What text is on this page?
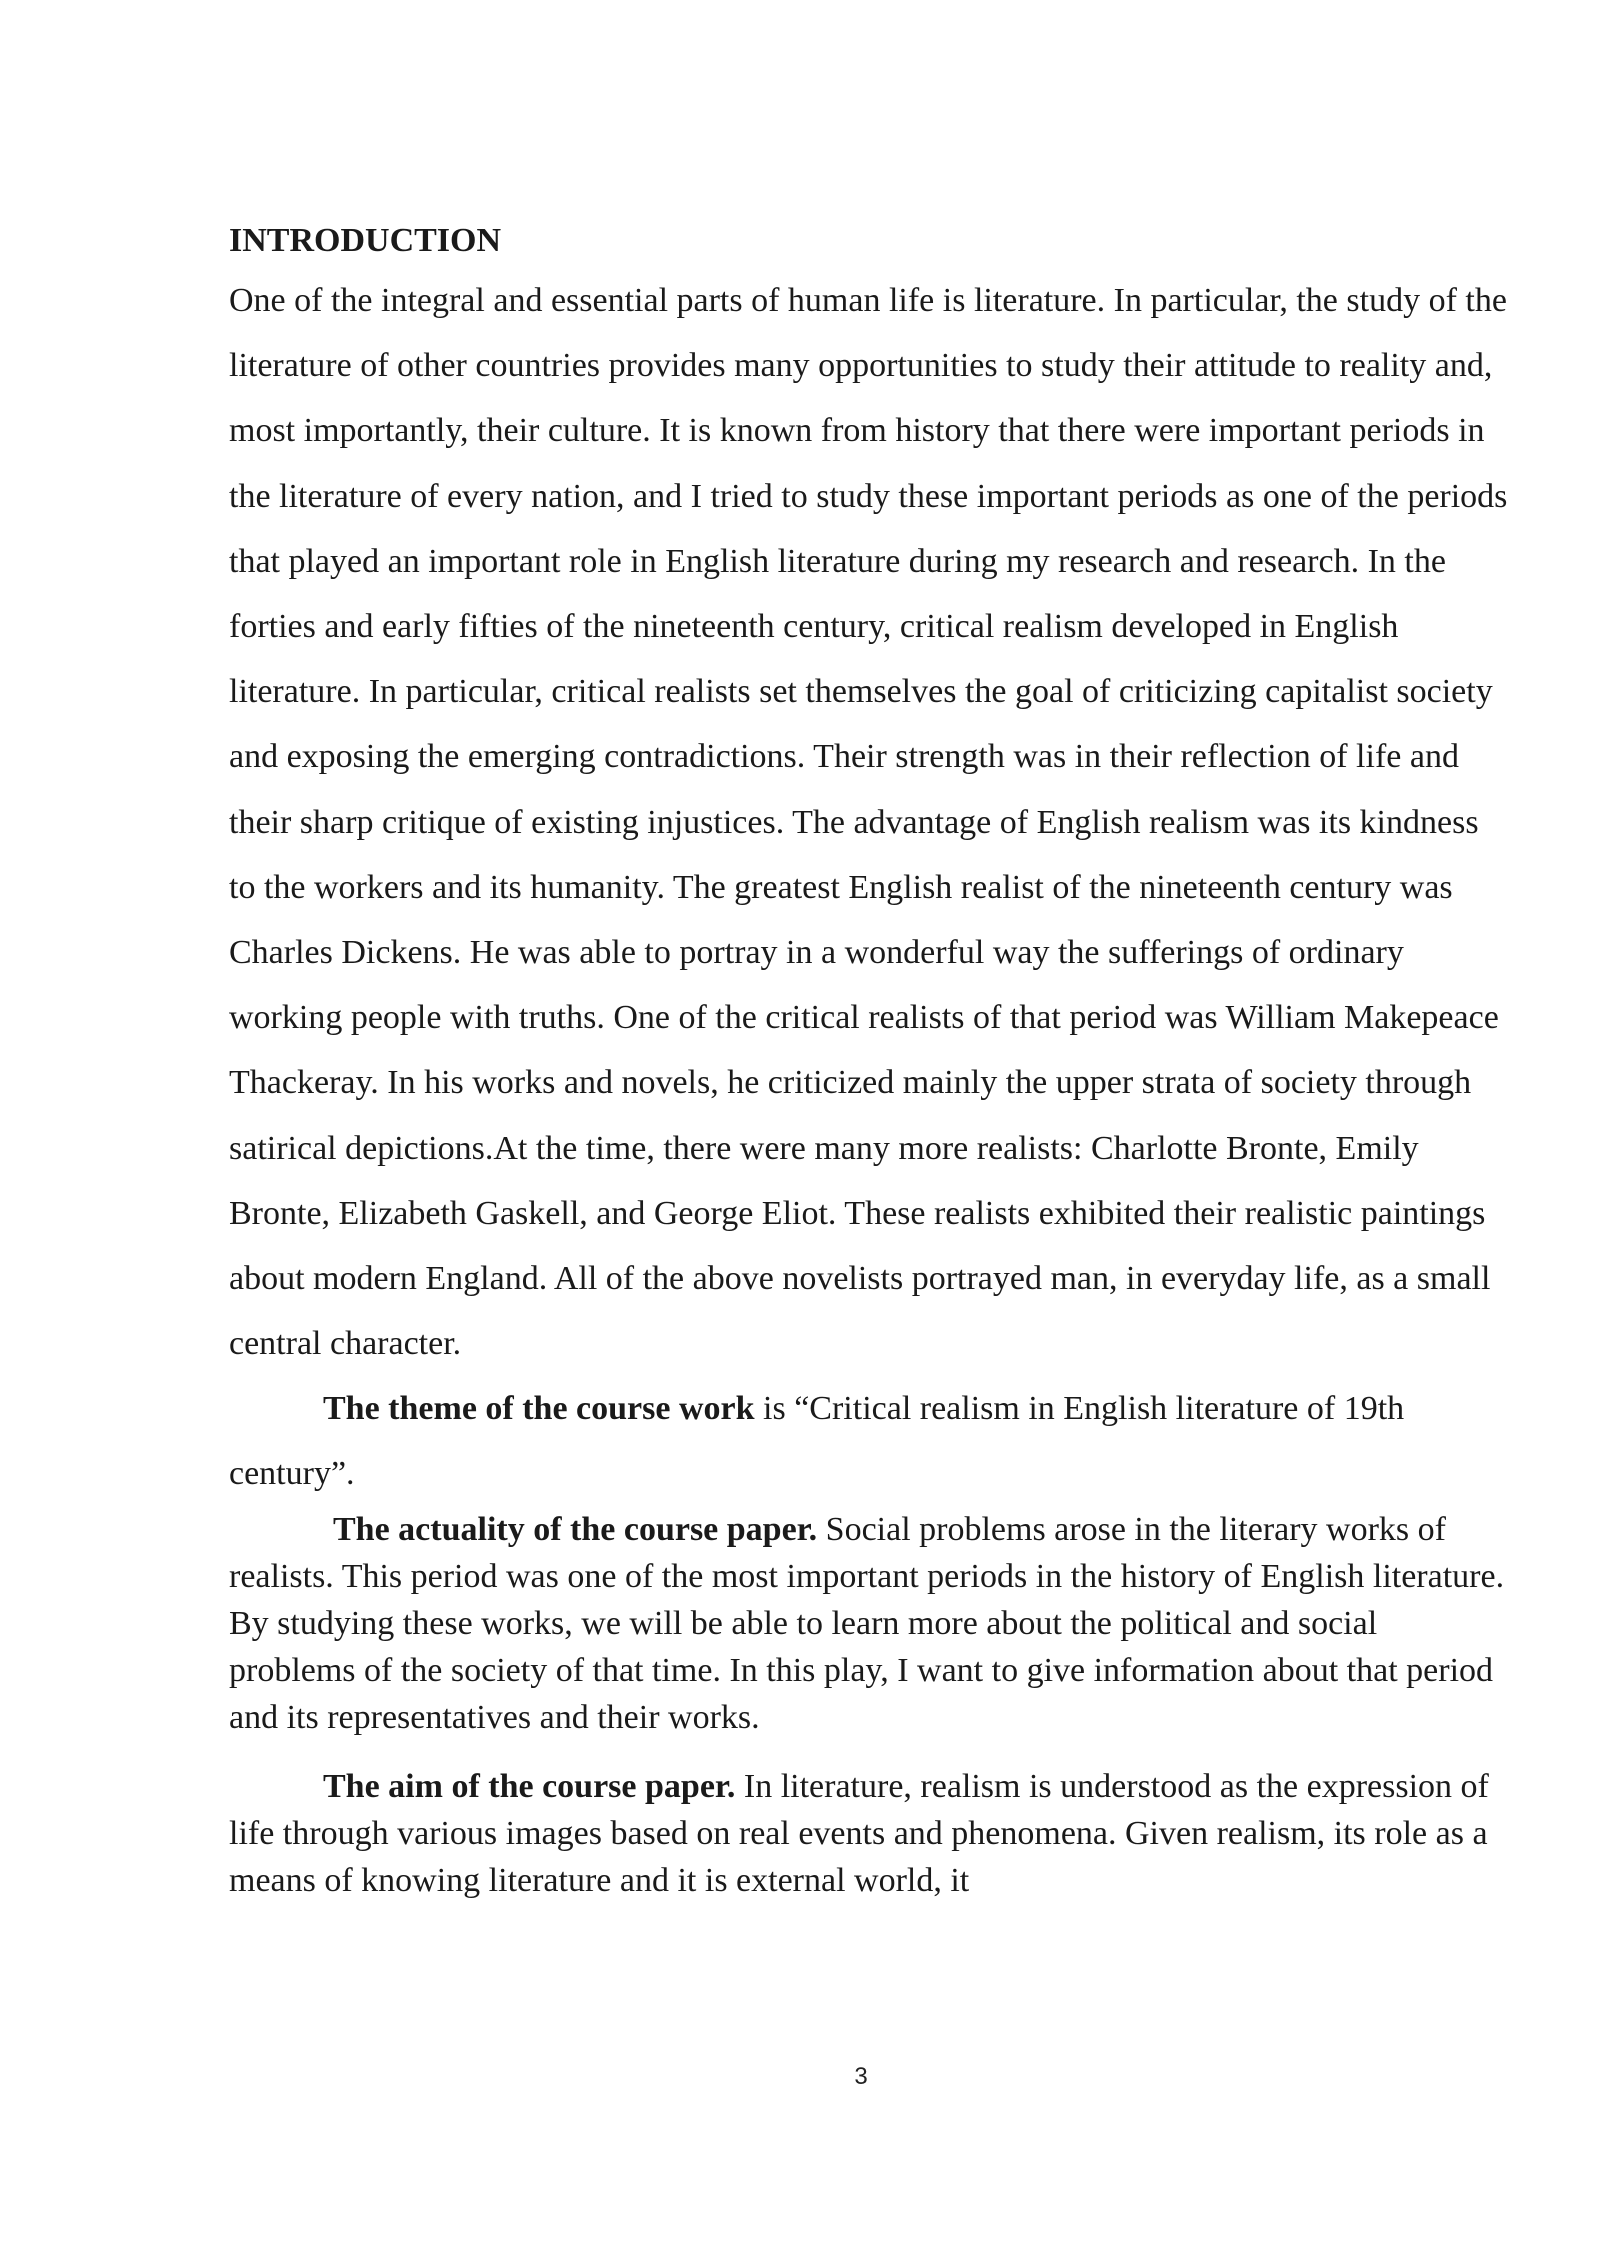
INTRODUCTION

One of the integral and essential parts of human life is literature. In particular, the study of the literature of other countries provides many opportunities to study their attitude to reality and, most importantly, their culture. It is known from history that there were important periods in the literature of every nation, and I tried to study these important periods as one of the periods that played an important role in English literature during my research and research. In the forties and early fifties of the nineteenth century, critical realism developed in English literature. In particular, critical realists set themselves the goal of criticizing capitalist society and exposing the emerging contradictions. Their strength was in their reflection of life and their sharp critique of existing injustices. The advantage of English realism was its kindness to the workers and its humanity. The greatest English realist of the nineteenth century was Charles Dickens. He was able to portray in a wonderful way the sufferings of ordinary working people with truths. One of the critical realists of that period was William Makepeace Thackeray. In his works and novels, he criticized mainly the upper strata of society through satirical depictions.At the time, there were many more realists: Charlotte Bronte, Emily Bronte, Elizabeth Gaskell, and George Eliot. These realists exhibited their realistic paintings about modern England. All of the above novelists portrayed man, in everyday life, as a small central character.

The theme of the course work is “Critical realism in English literature of 19th century”.

The actuality of the course paper. Social problems arose in the literary works of realists. This period was one of the most important periods in the history of English literature. By studying these works, we will be able to learn more about the political and social problems of the society of that time. In this play, I want to give information about that period and its representatives and their works.

The aim of the course paper. In literature, realism is understood as the expression of life through various images based on real events and phenomena. Given realism, its role as a means of knowing literature and it is external world, it

3
